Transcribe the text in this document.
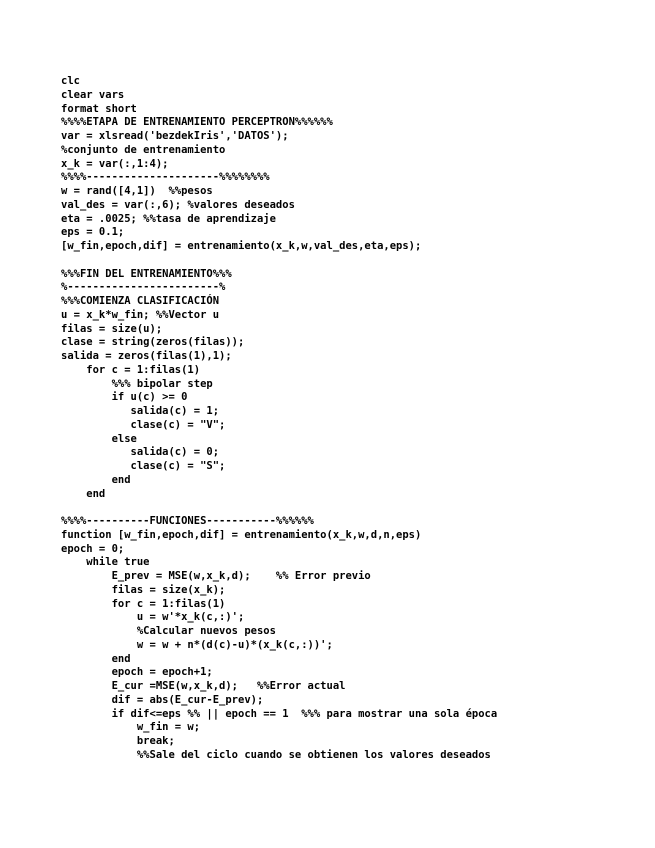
clc
clear vars
format short
%%%%ETAPA DE ENTRENAMIENTO PERCEPTRON%%%%%%
var = xlsread('bezdekIris','DATOS');
%conjunto de entrenamiento
x_k = var(:,1:4);
%%%%---------------------%%%%%%%%
w = rand([4,1])  %%pesos
val_des = var(:,6); %valores deseados
eta = .0025; %%tasa de aprendizaje
eps = 0.1;
[w_fin,epoch,dif] = entrenamiento(x_k,w,val_des,eta,eps);
%%%FIN DEL ENTRENAMIENTO%%%
%------------------------%
%%%COMIENZA CLASIFICACIÓN
u = x_k*w_fin; %%Vector u
filas = size(u);
clase = string(zeros(filas));
salida = zeros(filas(1),1);
for c = 1:filas(1)
%%% bipolar step
if u(c) >= 0
salida(c) = 1;
clase(c) = "V";
else
salida(c) = 0;
clase(c) = "S";
end
end
%%%%----------FUNCIONES-----------%%%%%%
function [w_fin,epoch,dif] = entrenamiento(x_k,w,d,n,eps)
epoch = 0;
while true
E_prev = MSE(w,x_k,d);    %% Error previo
filas = size(x_k);
for c = 1:filas(1)
u = w'*x_k(c,:)';
%Calcular nuevos pesos
w = w + n*(d(c)-u)*(x_k(c,:))';
end
epoch = epoch+1;
E_cur =MSE(w,x_k,d);   %%Error actual
dif = abs(E_cur-E_prev);
if dif<=eps %% || epoch == 1  %%% para mostrar una sola época
w_fin = w;
break;
%%Sale del ciclo cuando se obtienen los valores deseados
